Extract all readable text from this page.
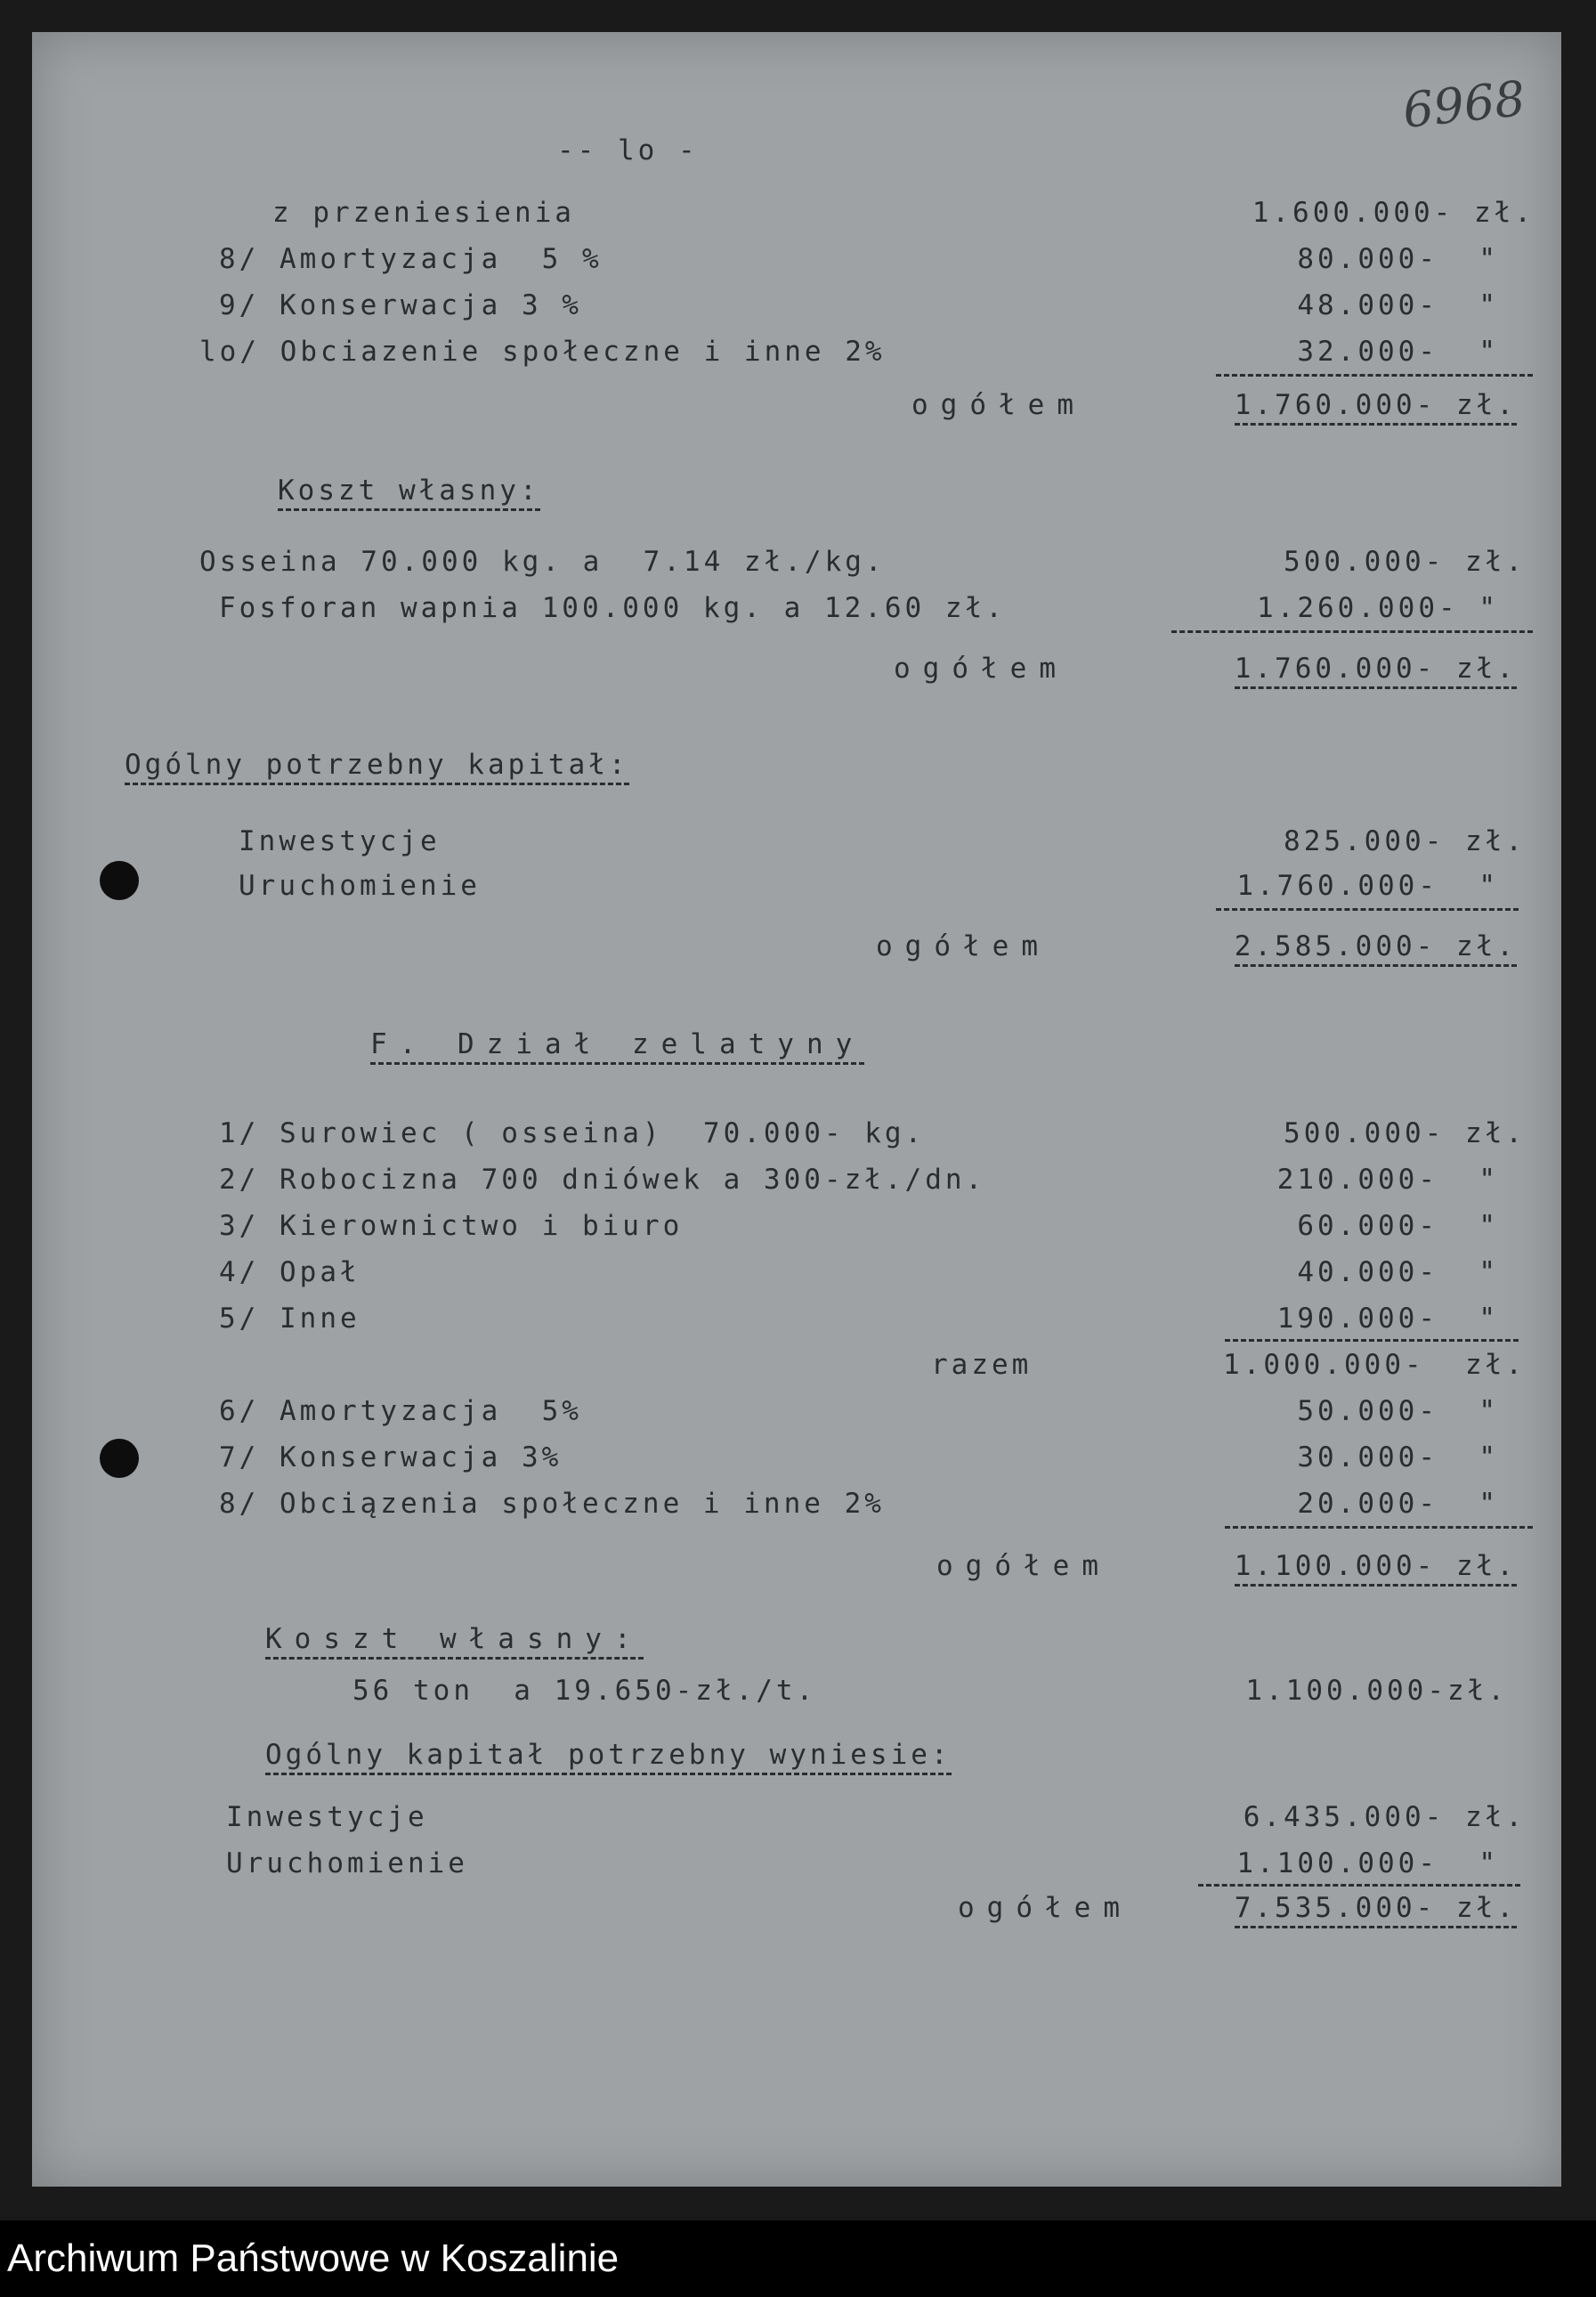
6968
-- lo -
z przeniesienia	1.600.000- zł.
8/ Amortyzacja  5 %	80.000-  "
9/ Konserwacja 3 %	48.000-  "
lo/ Obciazenie społeczne i inne 2%	32.000-  "
ogółem	1.760.000- zł.
Koszt własny:
Osseina 70.000 kg. a  7.14 zł./kg.	500.000- zł.
Fosforan wapnia 100.000 kg. a 12.60 zł.	1.260.000- "
ogółem	1.760.000- zł.
Ogólny potrzebny kapitał:
Inwestycje	825.000- zł.
Uruchomienie	1.760.000-  "
ogółem	2.585.000- zł.
F. Dział zelatyny
1/ Surowiec ( osseina)  70.000- kg.	500.000- zł.
2/ Robocizna 700 dniówek a 300-zł./dn.	210.000-  "
3/ Kierownictwo i biuro	60.000-  "
4/ Opał	40.000-  "
5/ Inne	190.000-  "
razem	1.000.000-  zł.
6/ Amortyzacja  5%	50.000-  "
7/ Konserwacja 3%	30.000-  "
8/ Obciązenia społeczne i inne 2%	20.000-  "
ogółem	1.100.000- zł.
Koszt własny:
56 ton  a 19.650-zł./t.	1.100.000-zł.
Ogólny kapitał potrzebny wyniesie:
Inwestycje	6.435.000- zł.
Uruchomienie	1.100.000-  "
ogółem	7.535.000- zł.
Archiwum Państwowe w Koszalinie
